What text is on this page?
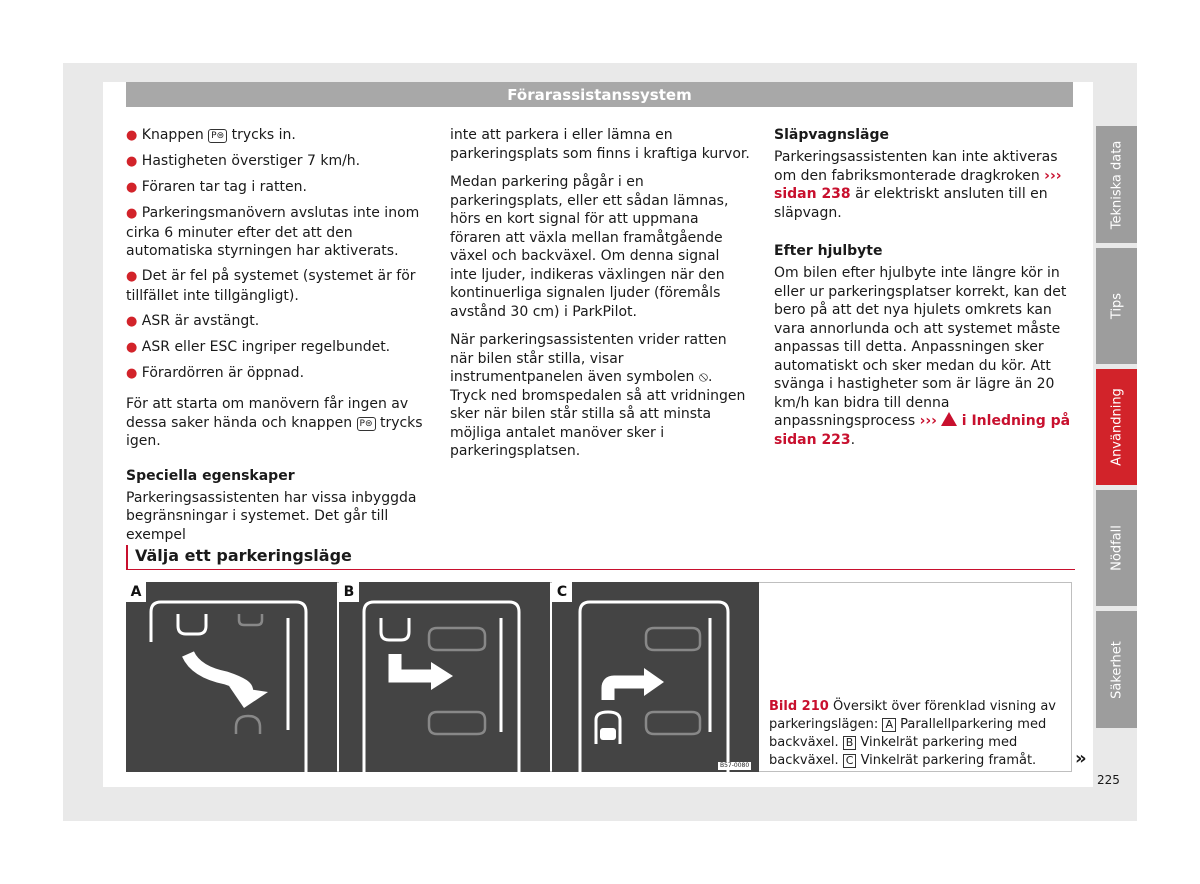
Förarassistanssystem
● Knappen P⊜ trycks in.
● Hastigheten överstiger 7 km/h.
● Föraren tar tag i ratten.
● Parkeringsmanövern avslutas inte inom cirka 6 minuter efter det att den automatiska styrningen har aktiverats.
● Det är fel på systemet (systemet är för tillfället inte tillgängligt).
● ASR är avstängt.
● ASR eller ESC ingriper regelbundet.
● Förardörren är öppnad.

För att starta om manövern får ingen av dessa saker hända och knappen P⊜ trycks igen.

Speciella egenskaper

Parkeringsassistenten har vissa inbyggda begränsningar i systemet. Det går till exempel

inte att parkera i eller lämna en parkeringsplats som finns i kraftiga kurvor.

Medan parkering pågår i en parkeringsplats, eller ett sådan lämnas, hörs en kort signal för att uppmana föraren att växla mellan framåtgående växel och backväxel. Om denna signal inte ljuder, indikeras växlingen när den kontinuerliga signalen ljuder (föremåls avstånd 30 cm) i ParkPilot.

När parkeringsassistenten vrider ratten när bilen står stilla, visar instrumentpanelen även symbolen ⦸. Tryck ned bromspedalen så att vridningen sker när bilen står stilla så att minsta möjliga antalet manöver sker i parkeringsplatsen.

Släpvagnsläge

Parkeringsassistenten kan inte aktiveras om den fabriksmonterade dragkroken ››› sidan 238 är elektriskt ansluten till en släpvagn.

Efter hjulbyte

Om bilen efter hjulbyte inte längre kör in eller ur parkeringsplatser korrekt, kan det bero på att det nya hjulets omkrets kan vara annorlunda och att systemet måste anpassas till detta. Anpassningen sker automatiskt och sker medan du kör. Att svänga i hastigheter som är lägre än 20 km/h kan bidra till denna anpassningsprocess ››› i Inledning på sidan 223.

Välja ett parkeringsläge
A	B	C
B57-0080
Bild 210 Översikt över förenklad visning av parkeringslägen: A Parallellparkering med backväxel. B Vinkelrät parkering med backväxel. C Vinkelrät parkering framåt.	»
225
Tekniska data
Tips
Användning
Nödfall
Säkerhet
